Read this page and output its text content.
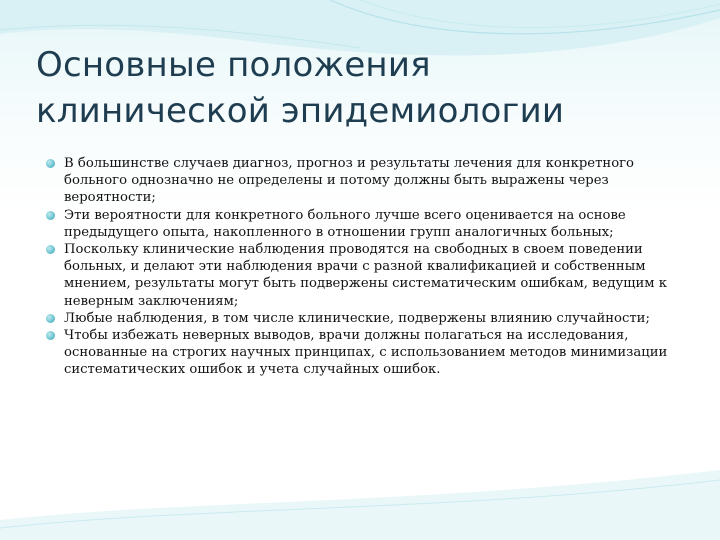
Основные положения
клинической эпидемиологии
В большинстве случаев диагноз, прогноз и результаты лечения для конкретного больного однозначно не определены и потому должны быть выражены через вероятности;
Эти вероятности для конкретного больного лучше всего оценивается на основе предыдущего опыта, накопленного в отношении групп аналогичных больных;
Поскольку клинические наблюдения проводятся на свободных в своем поведении больных, и делают эти наблюдения врачи с разной квалификацией и собственным мнением, результаты могут быть подвержены систематическим ошибкам, ведущим к неверным заключениям;
Любые наблюдения, в том числе клинические, подвержены влиянию случайности;
Чтобы избежать неверных выводов, врачи должны полагаться на исследования, основанные на строгих научных принципах, с использованием методов минимизации систематических ошибок и учета случайных ошибок.
